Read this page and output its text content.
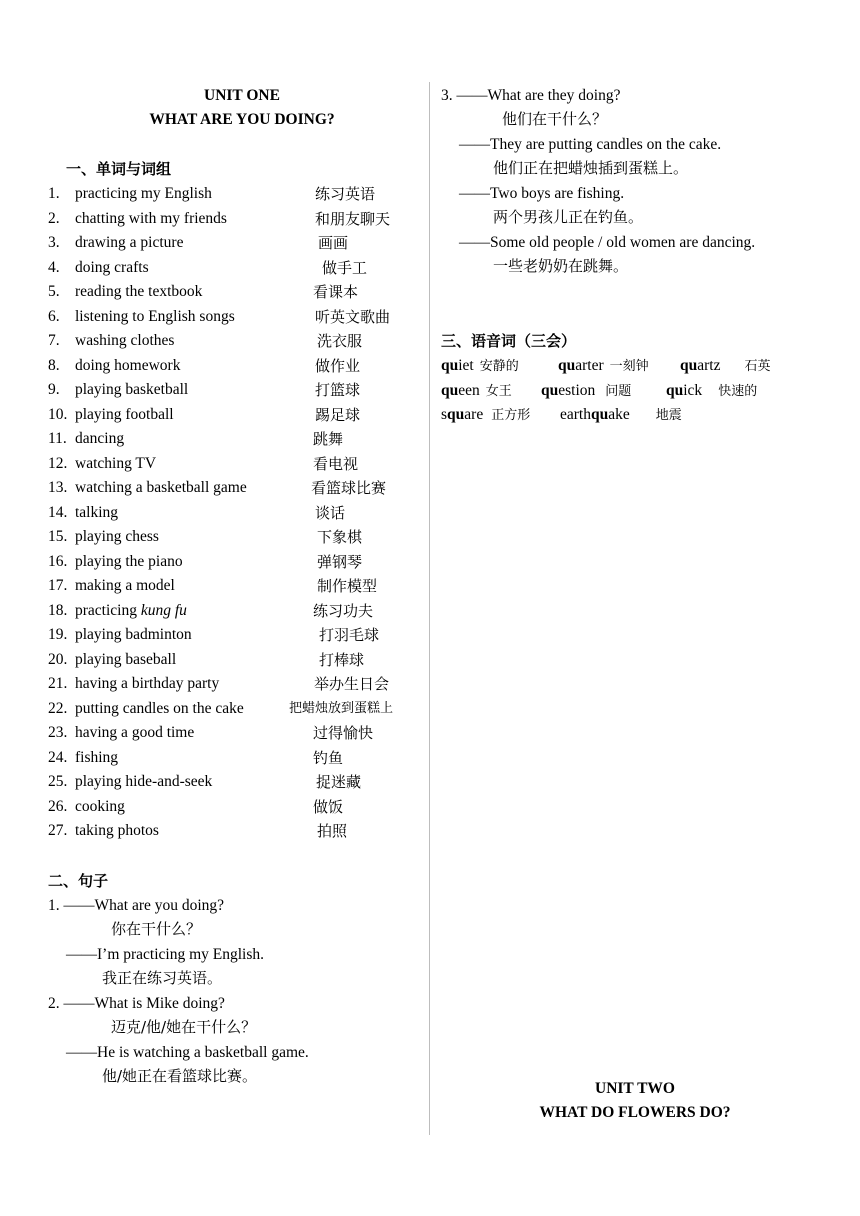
UNIT ONE
WHAT ARE YOU DOING?
一、单词与词组
1. practicing my English	练习英语
2. chatting with my friends	和朋友聊天
3. drawing a picture	画画
4. doing crafts	做手工
5. reading the textbook	看课本
6. listening to English songs	听英文歌曲
7. washing clothes	洗衣服
8. doing homework	做作业
9. playing basketball	打篮球
10. playing football	踢足球
11. dancing	跳舞
12. watching TV	看电视
13. watching a basketball game	看篮球比赛
14. talking	谈话
15. playing chess	下象棋
16. playing the piano	弹钢琴
17. making a model	制作模型
18. practicing kung fu	练习功夫
19. playing badminton	打羽毛球
20. playing baseball	打棒球
21. having a birthday party	举办生日会
22. putting candles on the cake	把蜡烛放到蛋糕上
23. having a good time	过得愉快
24. fishing	钓鱼
25. playing hide-and-seek	捉迷藏
26. cooking	做饭
27. taking photos	拍照
二、句子
1. ——What are you doing?
你在干什么？
——I’m practicing my English.
我正在练习英语。
2. ——What is Mike doing?
迈克/他/她在干什么？
——He is watching a basketball game.
他/她正在看篮球比赛。
3. ——What are they doing?
他们在干什么？
——They are putting candles on the cake.
他们正在把蜡烛插到蛋糕上。
——Two boys are fishing.
两个男孩儿正在钓鱼。
——Some old people / old women are dancing.
一些老奶奶在跳舞。
三、语音词（三会）
quiet 安静的	quarter 一刻钟 quartz 石英
queen 女王 question 问题 quick 快速的
square 正方形 earthquake 地震
UNIT TWO
WHAT DO FLOWERS DO?
